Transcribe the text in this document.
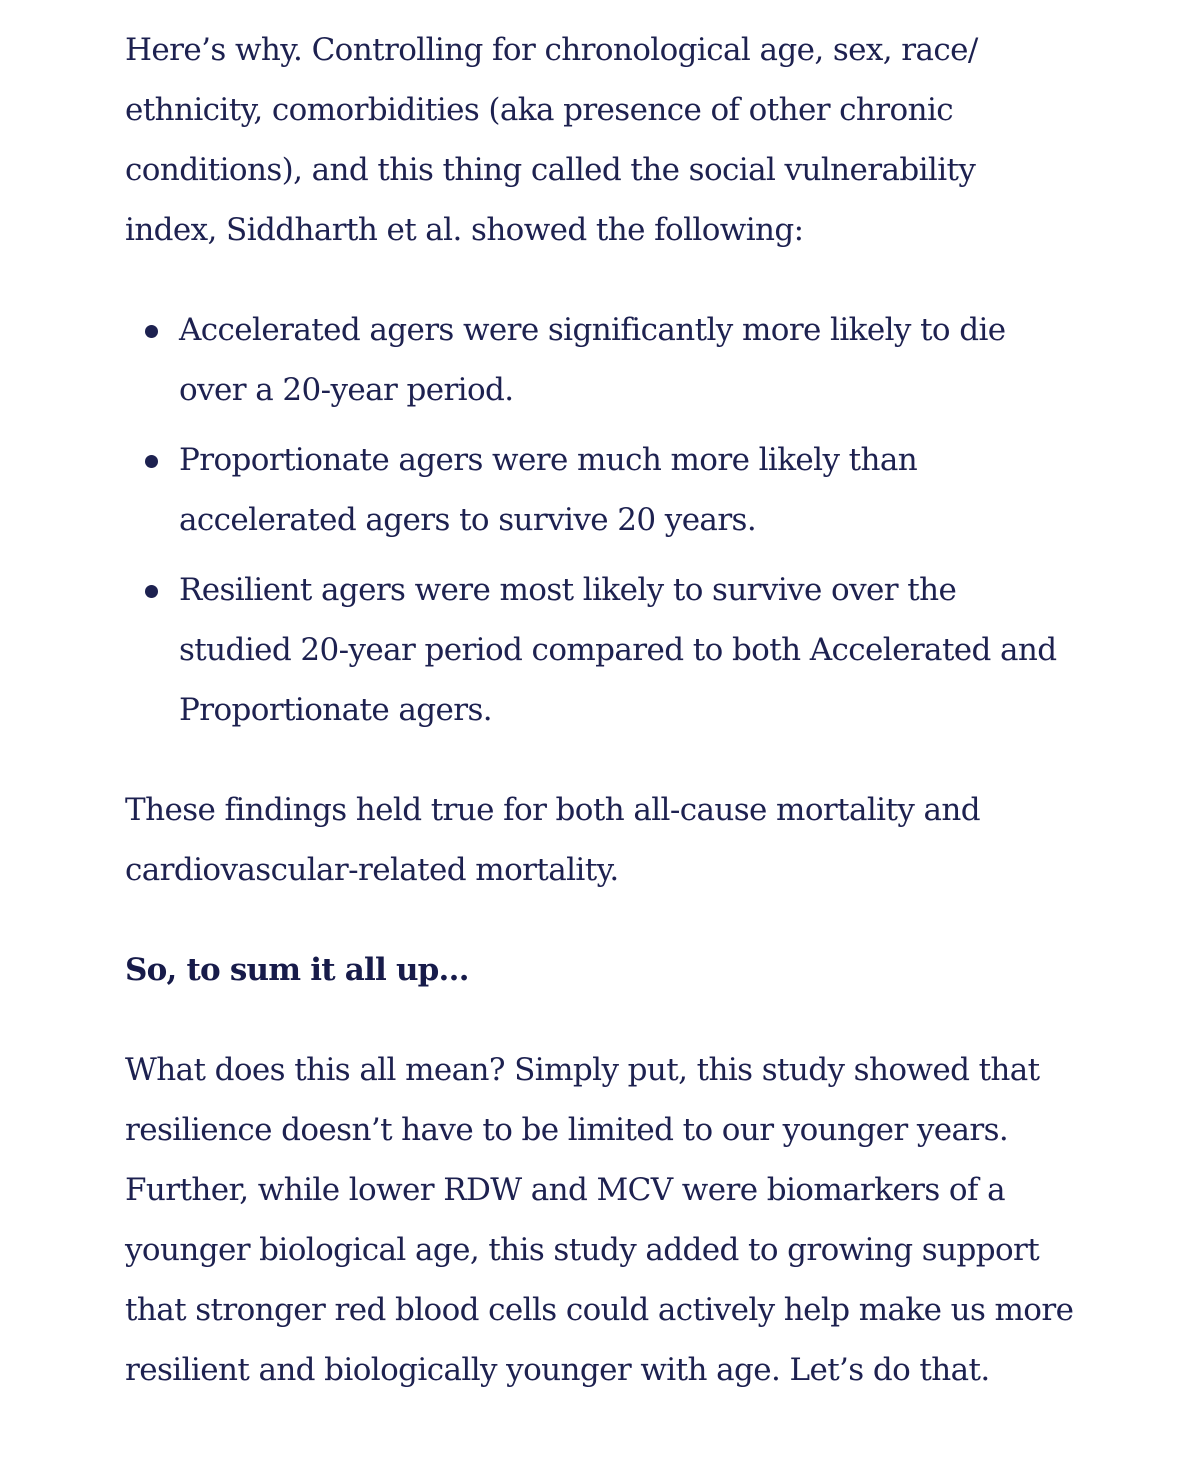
Here’s why. Controlling for chronological age, sex, race/ ethnicity, comorbidities (aka presence of other chronic conditions), and this thing called the social vulnerability index, Siddharth et al. showed the following:

Accelerated agers were significantly more likely to die over a 20-year period.
Proportionate agers were much more likely than accelerated agers to survive 20 years.
Resilient agers were most likely to survive over the studied 20-year period compared to both Accelerated and Proportionate agers.

These findings held true for both all-cause mortality and cardiovascular-related mortality.

So, to sum it all up…

What does this all mean? Simply put, this study showed that resilience doesn’t have to be limited to our younger years. Further, while lower RDW and MCV were biomarkers of a younger biological age, this study added to growing support that stronger red blood cells could actively help make us more resilient and biologically younger with age. Let’s do that.
